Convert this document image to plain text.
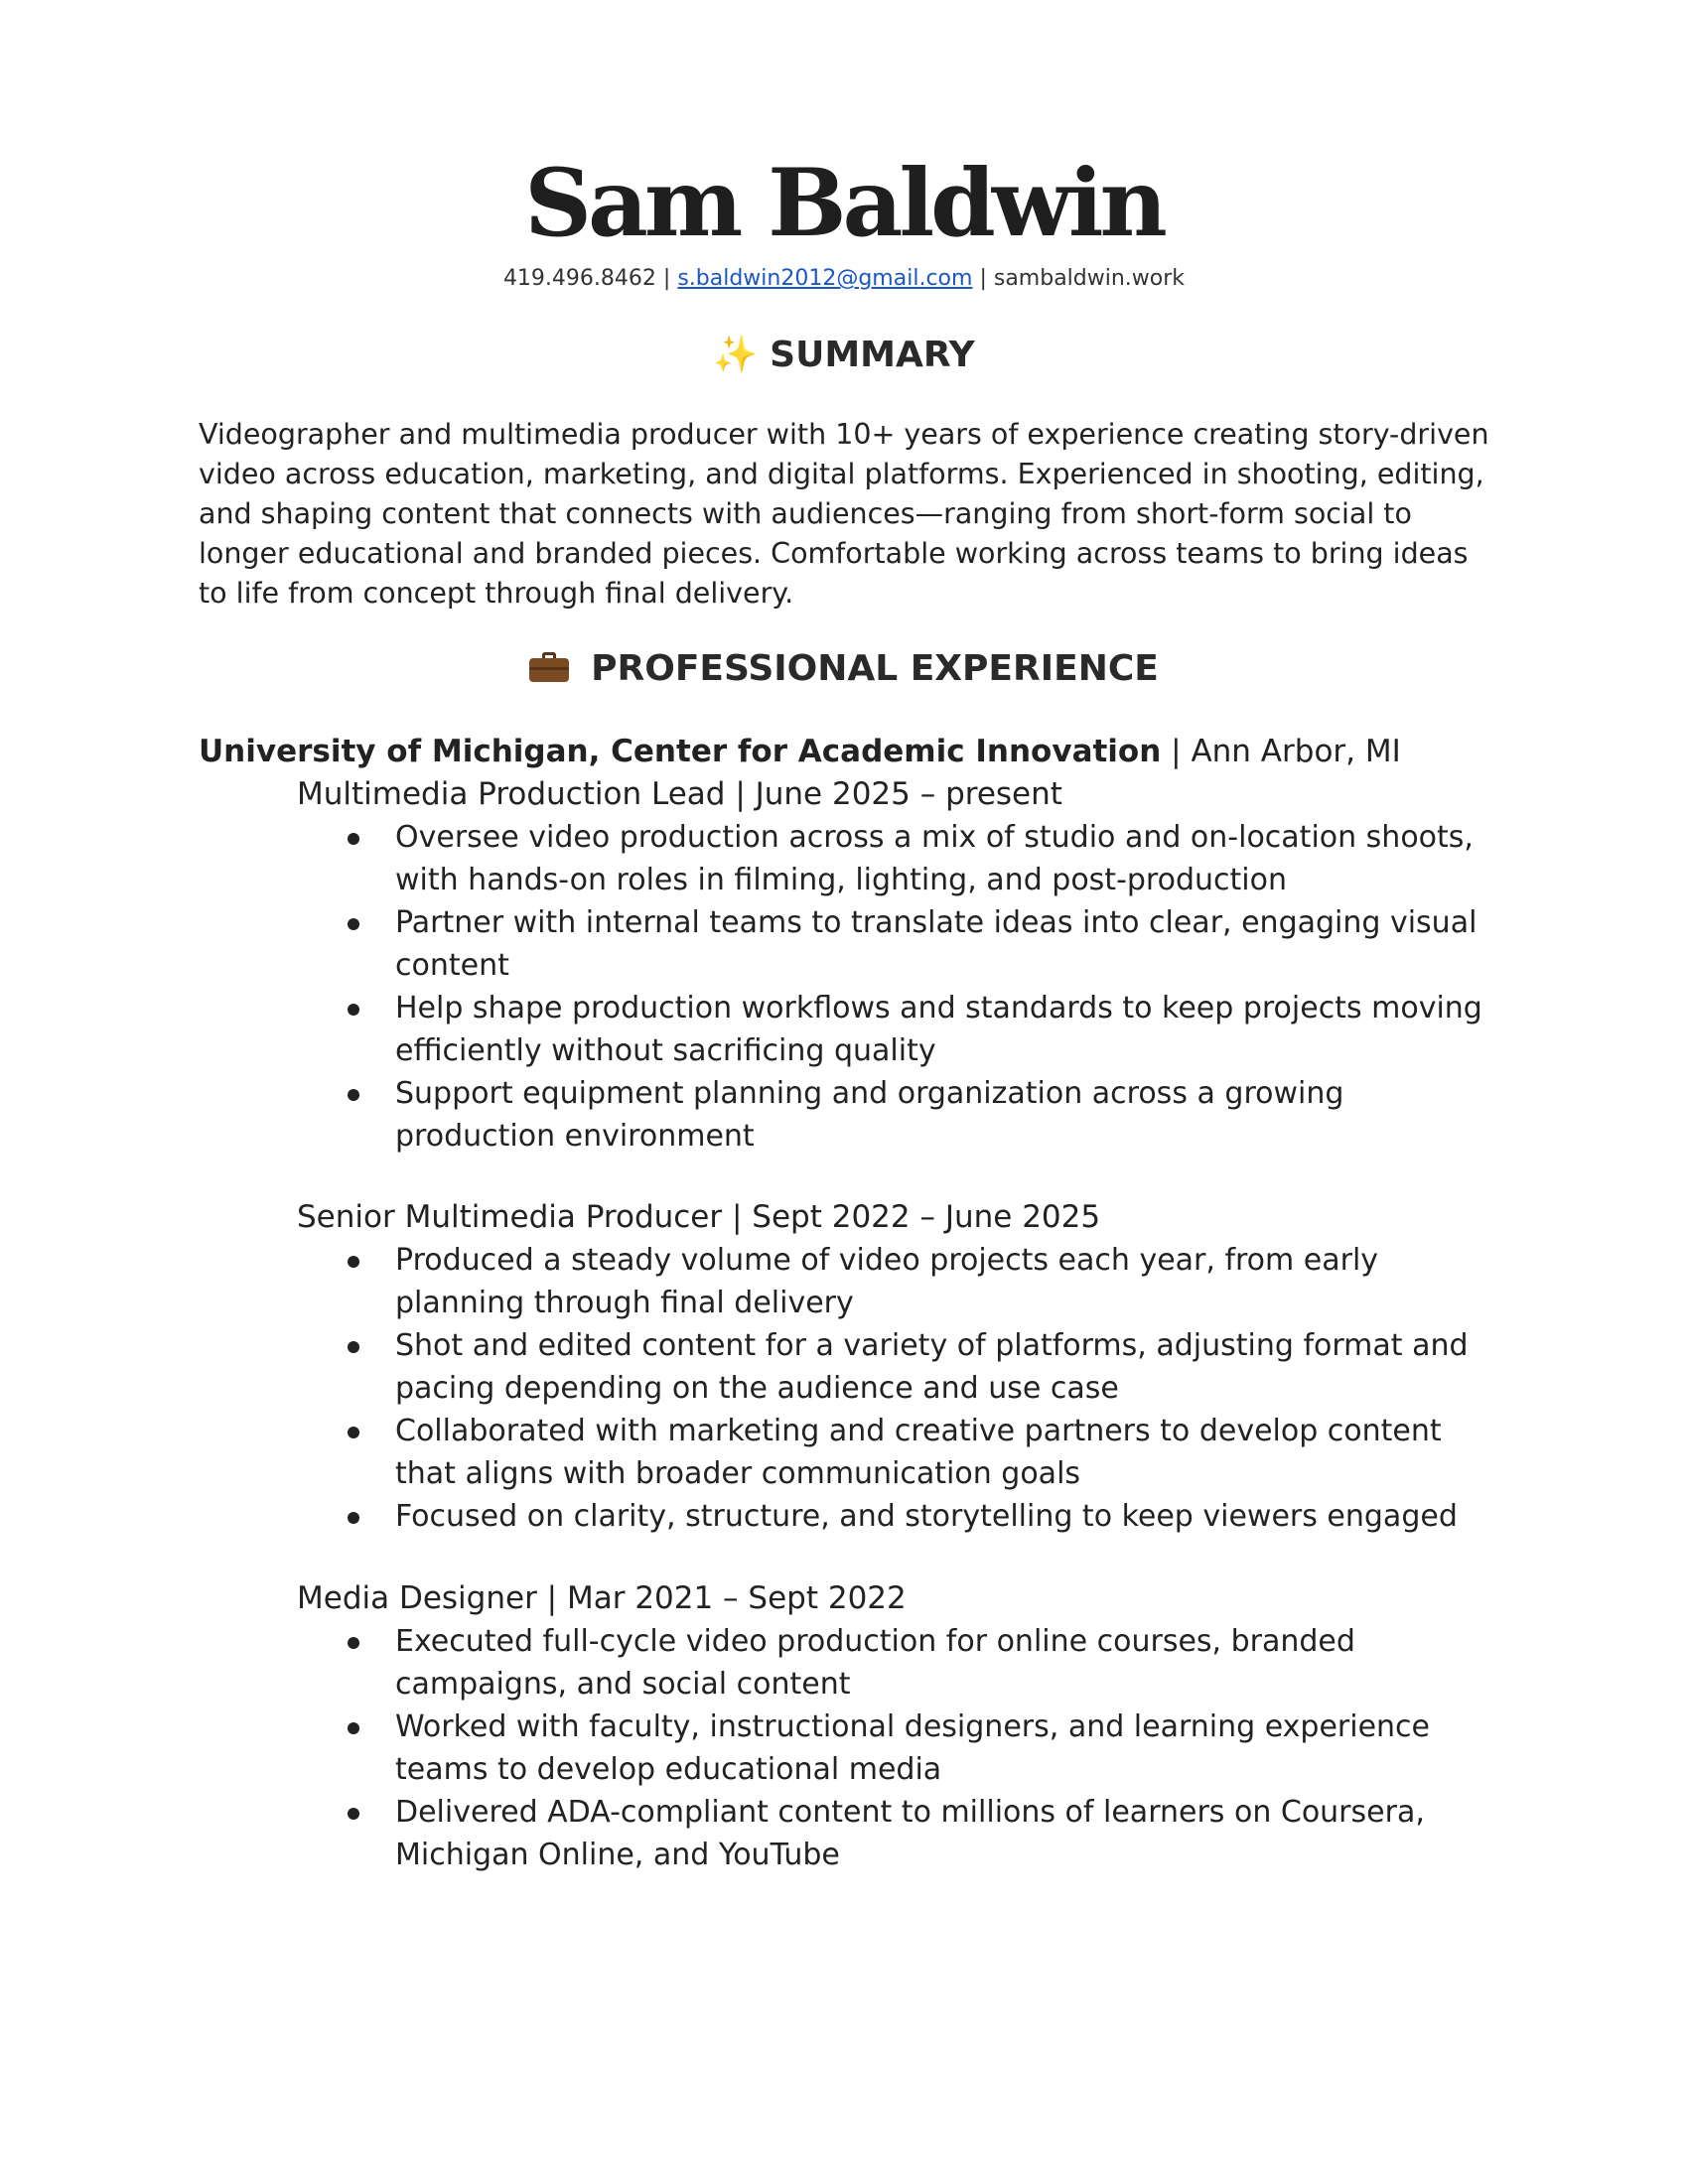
Sam Baldwin
419.496.8462 | s.baldwin2012@gmail.com | sambaldwin.work
✨ SUMMARY

Videographer and multimedia producer with 10+ years of experience creating story-driven video across education, marketing, and digital platforms. Experienced in shooting, editing, and shaping content that connects with audiences—ranging from short-form social to longer educational and branded pieces. Comfortable working across teams to bring ideas to life from concept through final delivery.

PROFESSIONAL EXPERIENCE
University of Michigan, Center for Academic Innovation | Ann Arbor, MI
Multimedia Production Lead | June 2025 – present
Oversee video production across a mix of studio and on-location shoots, with hands-on roles in filming, lighting, and post-production
Partner with internal teams to translate ideas into clear, engaging visual content
Help shape production workflows and standards to keep projects moving efficiently without sacrificing quality
Support equipment planning and organization across a growing production environment
Senior Multimedia Producer | Sept 2022 – June 2025
Produced a steady volume of video projects each year, from early planning through final delivery
Shot and edited content for a variety of platforms, adjusting format and pacing depending on the audience and use case
Collaborated with marketing and creative partners to develop content that aligns with broader communication goals
Focused on clarity, structure, and storytelling to keep viewers engaged
Media Designer | Mar 2021 – Sept 2022
Executed full-cycle video production for online courses, branded campaigns, and social content
Worked with faculty, instructional designers, and learning experience teams to develop educational media
Delivered ADA-compliant content to millions of learners on Coursera, Michigan Online, and YouTube
